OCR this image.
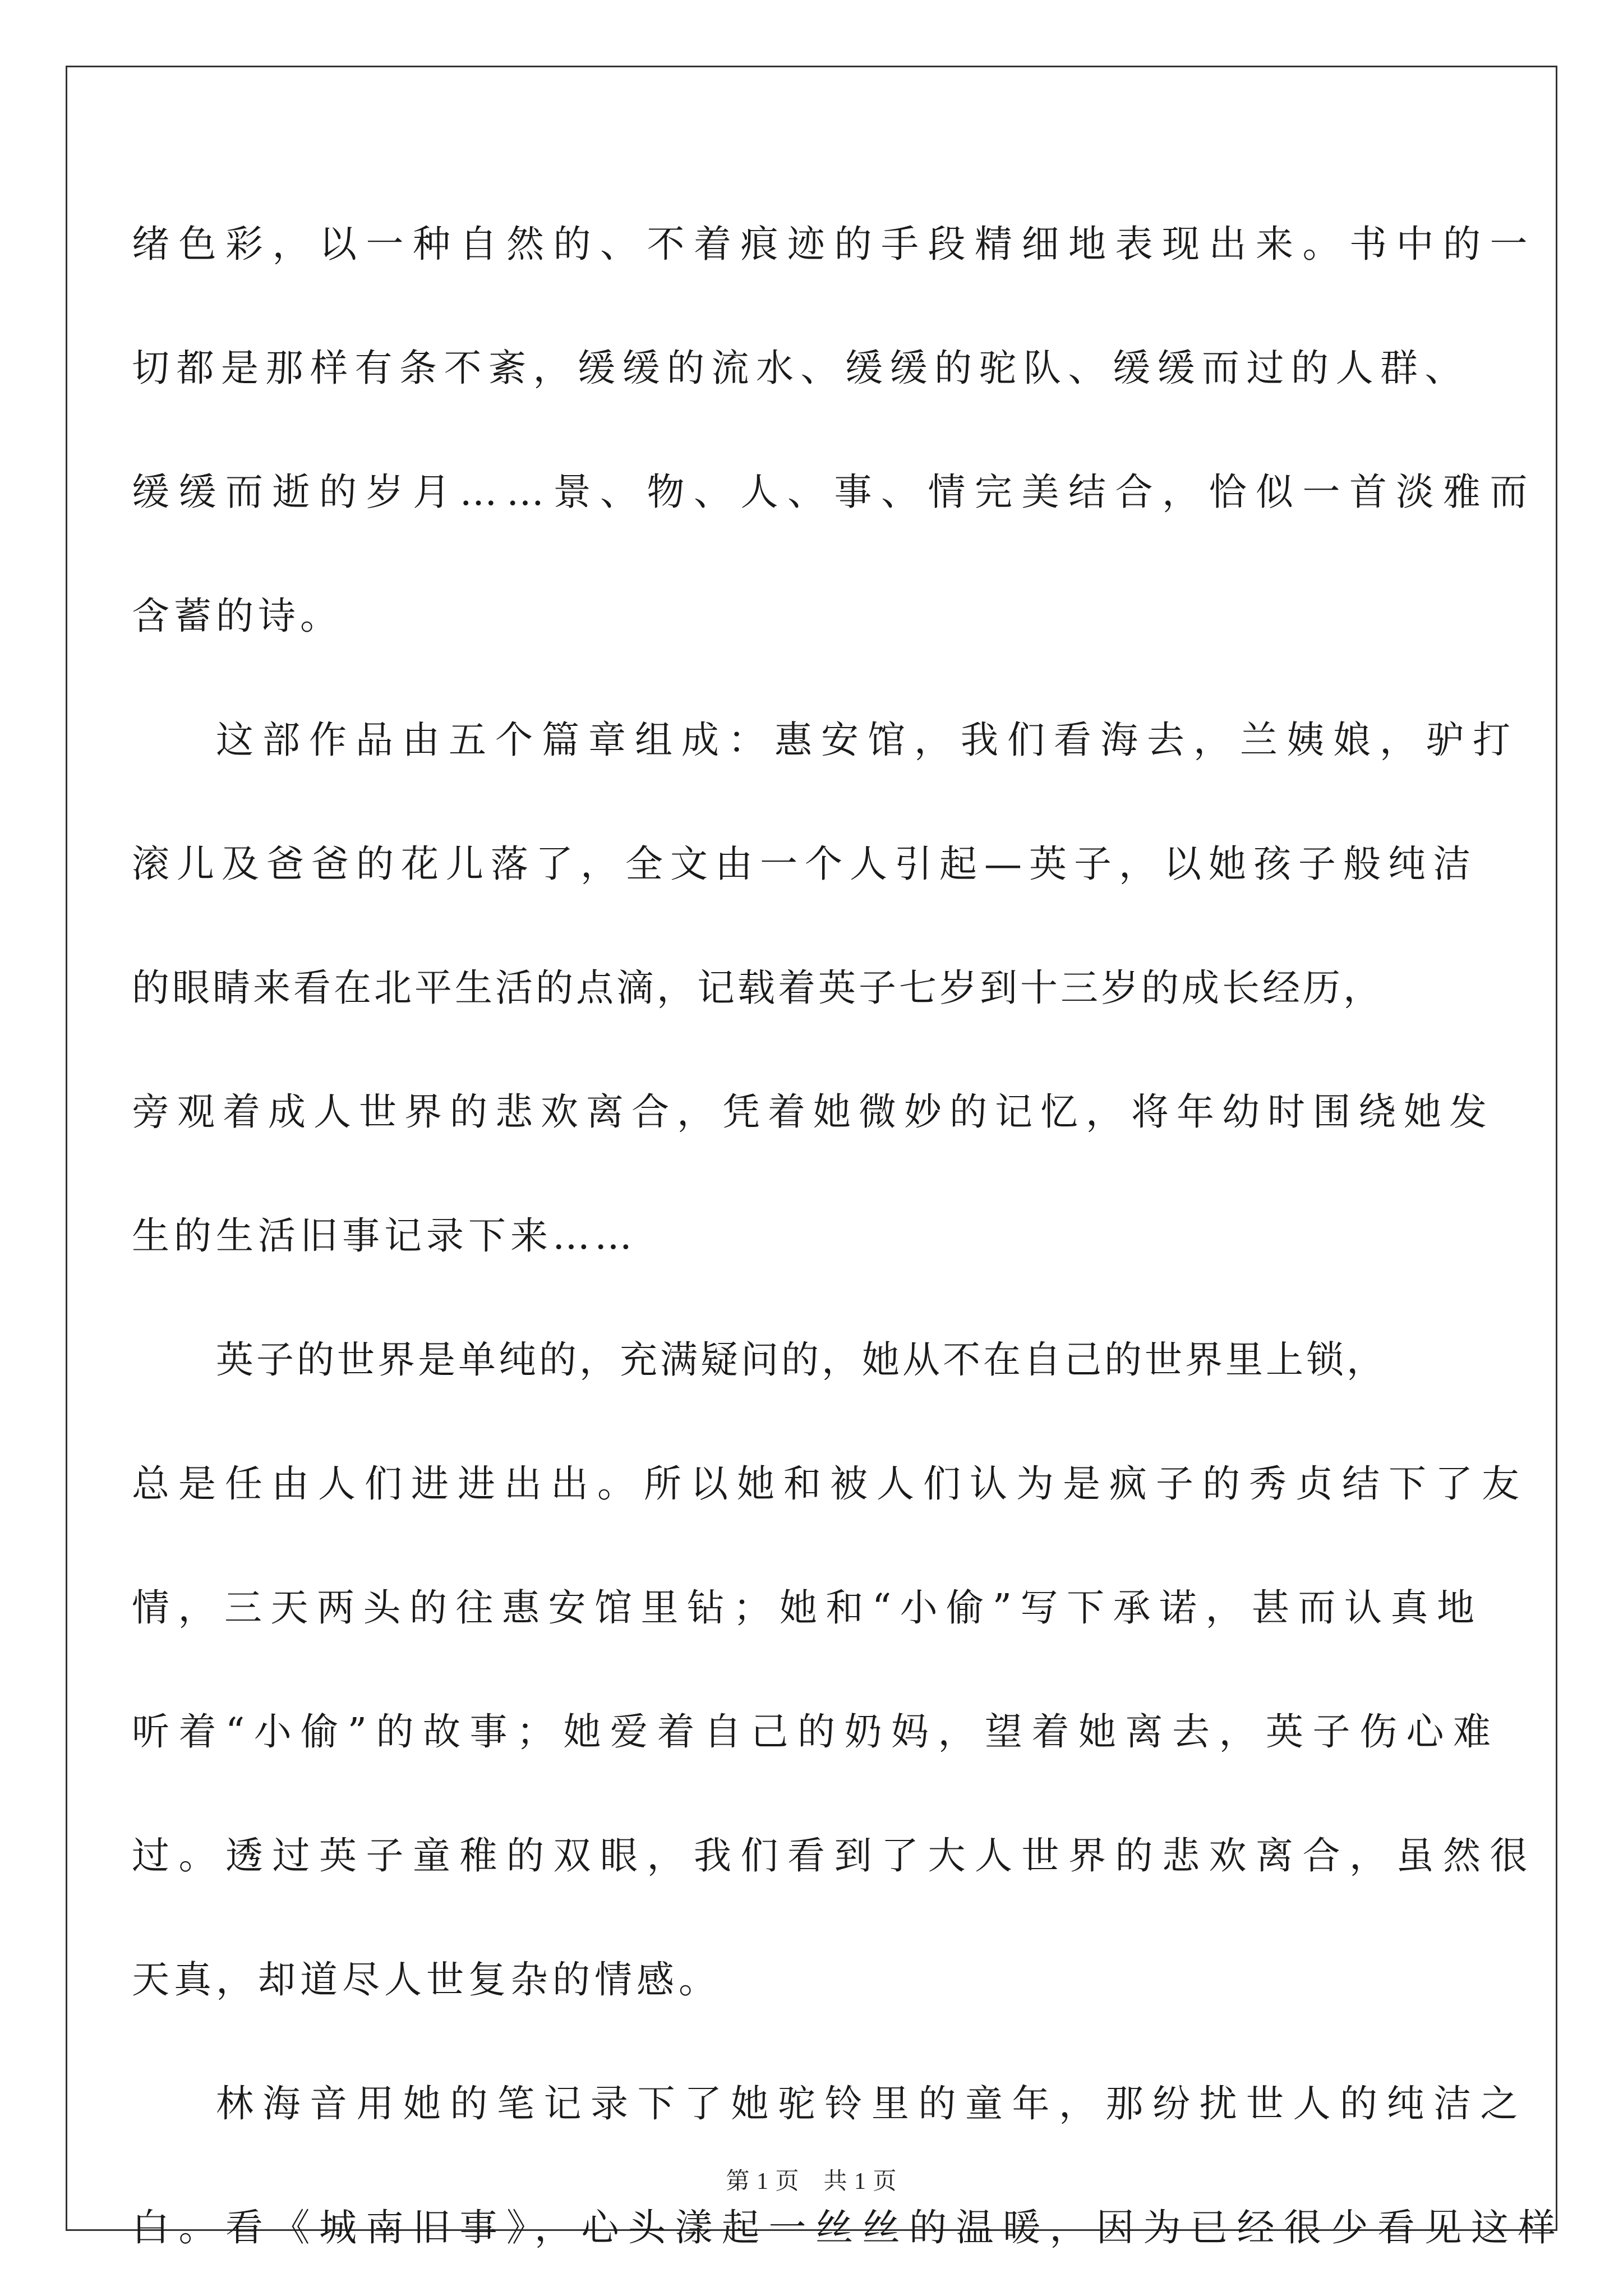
绪色彩，以一种自然的、不着痕迹的手段精细地表现出来。书中的一
切都是那样有条不紊，缓缓的流水、缓缓的驼队、缓缓而过的人群、
缓缓而逝的岁月……景、物、人、事、情完美结合，恰似一首淡雅而
含蓄的诗。
这部作品由五个篇章组成：惠安馆，我们看海去，兰姨娘，驴打
滚儿及爸爸的花儿落了，全文由一个人引起—英子，以她孩子般纯洁
的眼睛来看在北平生活的点滴，记载着英子七岁到十三岁的成长经历，
旁观着成人世界的悲欢离合，凭着她微妙的记忆，将年幼时围绕她发
生的生活旧事记录下来……
英子的世界是单纯的，充满疑问的，她从不在自己的世界里上锁，
总是任由人们进进出出。所以她和被人们认为是疯子的秀贞结下了友
情，三天两头的往惠安馆里钻；她和“小偷”写下承诺，甚而认真地
听着“小偷”的故事；她爱着自己的奶妈，望着她离去，英子伤心难
过。透过英子童稚的双眼，我们看到了大人世界的悲欢离合，虽然很
天真，却道尽人世复杂的情感。
林海音用她的笔记录下了她驼铃里的童年，那纷扰世人的纯洁之
白。看《城南旧事》，心头漾起一丝丝的温暖，因为已经很少看见这样
第 1 页　共 1 页
